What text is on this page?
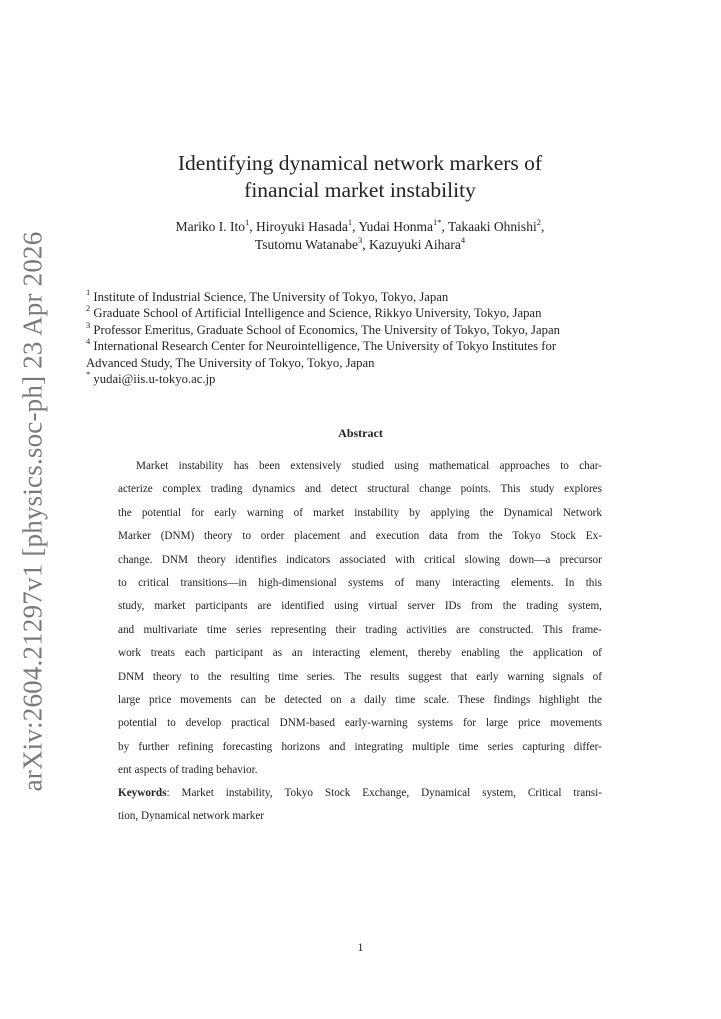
arXiv:2604.21297v1 [physics.soc-ph] 23 Apr 2026
Identifying dynamical network markers of
financial market instability
Mariko I. Ito$^1$, Hiroyuki Hasada$^1$, Yudai Honma$^{1*}$, Takaaki Ohnishi$^2$,
Tsutomu Watanabe$^3$, Kazuyuki Aihara$^4$
$^1$ Institute of Industrial Science, The University of Tokyo, Tokyo, Japan
$^2$ Graduate School of Artificial Intelligence and Science, Rikkyo University, Tokyo, Japan
$^3$ Professor Emeritus, Graduate School of Economics, The University of Tokyo, Tokyo, Japan
$^4$ International Research Center for Neurointelligence, The University of Tokyo Institutes for
Advanced Study, The University of Tokyo, Tokyo, Japan
* yudai@iis.u-tokyo.ac.jp
Abstract
Market instability has been extensively studied using mathematical approaches to char-
acterize complex trading dynamics and detect structural change points. This study explores
the potential for early warning of market instability by applying the Dynamical Network
Marker (DNM) theory to order placement and execution data from the Tokyo Stock Ex-
change. DNM theory identifies indicators associated with critical slowing down—a precursor
to critical transitions—in high-dimensional systems of many interacting elements. In this
study, market participants are identified using virtual server IDs from the trading system,
and multivariate time series representing their trading activities are constructed. This frame-
work treats each participant as an interacting element, thereby enabling the application of
DNM theory to the resulting time series. The results suggest that early warning signals of
large price movements can be detected on a daily time scale. These findings highlight the
potential to develop practical DNM-based early-warning systems for large price movements
by further refining forecasting horizons and integrating multiple time series capturing differ-
ent aspects of trading behavior.
Keywords: Market instability, Tokyo Stock Exchange, Dynamical system, Critical transi-
tion, Dynamical network marker
1
